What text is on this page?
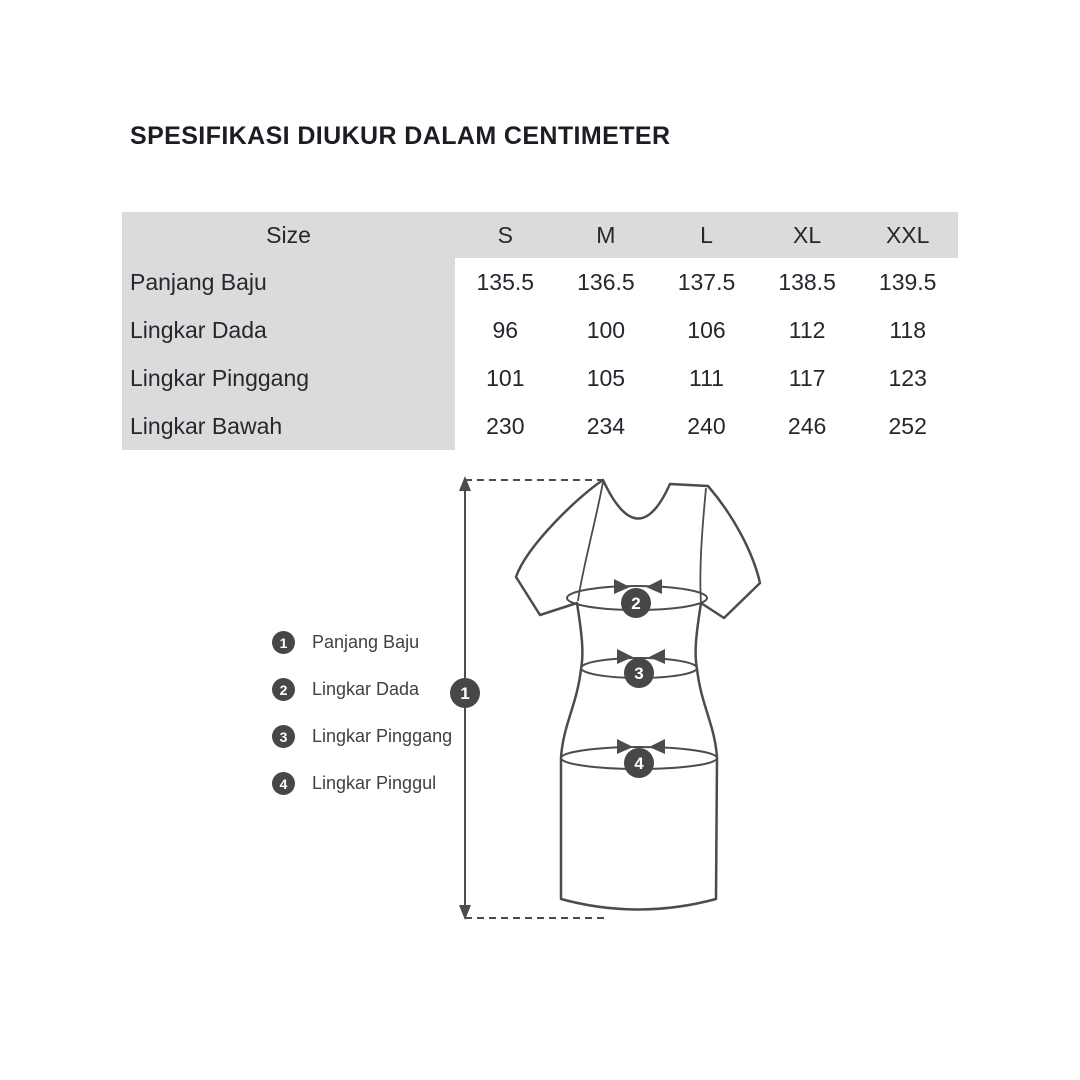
SPESIFIKASI DIUKUR DALAM CENTIMETER
Size	S	M	L	XL	XXL
Panjang Baju	135.5	136.5	137.5	138.5	139.5
Lingkar Dada	96	100	106	112	118
Lingkar Pinggang	101	105	111	117	123
Lingkar Bawah	230	234	240	246	252
1	Panjang Baju
2	Lingkar Dada
3	Lingkar Pinggang
4	Lingkar Pinggul
1
2
3
4
